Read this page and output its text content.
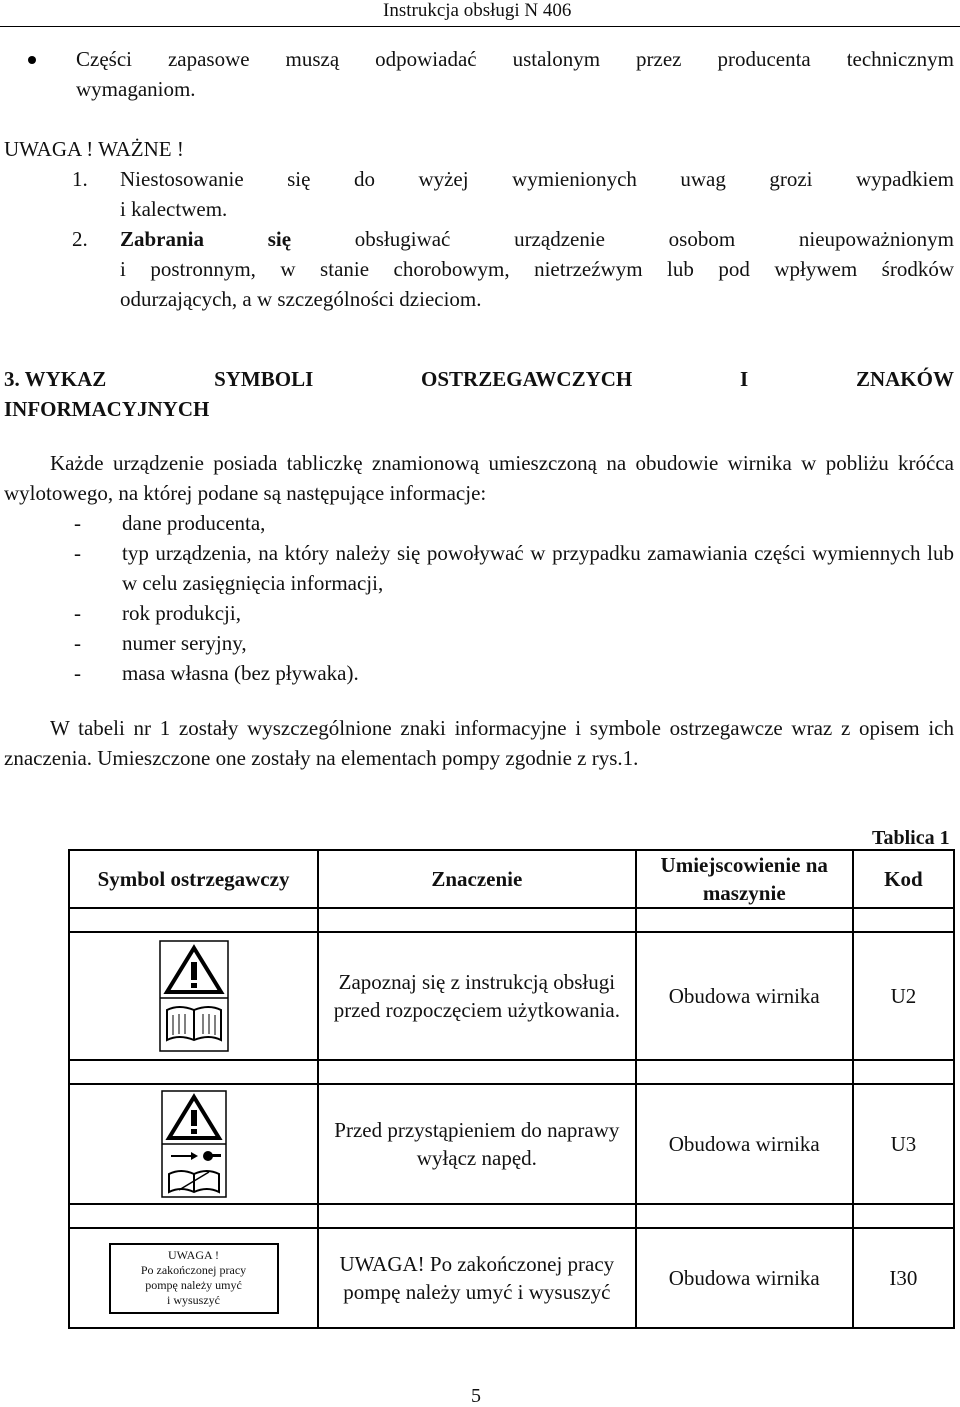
Instrukcja obsługi N 406
Części zapasowe muszą odpowiadać ustalonym przez producenta technicznym
wymaganiom.
UWAGA ! WAŻNE !
1. Niestosowanie się do wyżej wymienionych uwag grozi wypadkiem
i kalectwem.
2. Zabrania się obsługiwać urządzenie osobom nieupoważnionym
i postronnym, w stanie chorobowym, nietrzeźwym lub pod wpływem środków
odurzających, a w szczególności dzieciom.
3. WYKAZ	SYMBOLI	OSTRZEGAWCZYCH	I	ZNAKÓW
INFORMACYJNYCH
Każde urządzenie posiada tabliczkę znamionową umieszczoną na obudowie wirnika w pobliżu króćca wylotowego, na której podane są następujące informacje:
- dane producenta,
- typ urządzenia, na który należy się powoływać w przypadku zamawiania części wymiennych lub w celu zasięgnięcia informacji,
- rok produkcji,
- numer seryjny,
- masa własna (bez pływaka).
W tabeli nr 1 zostały wyszczególnione znaki informacyjne i symbole ostrzegawcze wraz z opisem ich znaczenia. Umieszczone one zostały na elementach pompy zgodnie z rys.1.
Tablica 1
Symbol ostrzegawczy	Znaczenie	Umiejscowienie na maszynie	Kod

	Zapoznaj się z instrukcją obsługi przed rozpoczęciem użytkowania.	Obudowa wirnika	U2

	Przed przystąpieniem do naprawy wyłącz napęd.	Obudowa wirnika	U3

UWAGA !
Po zakończonej pracy
pompę należy umyć
i wysuszyć	UWAGA! Po zakończonej pracy pompę należy umyć i wysuszyć	Obudowa wirnika	I30
5
